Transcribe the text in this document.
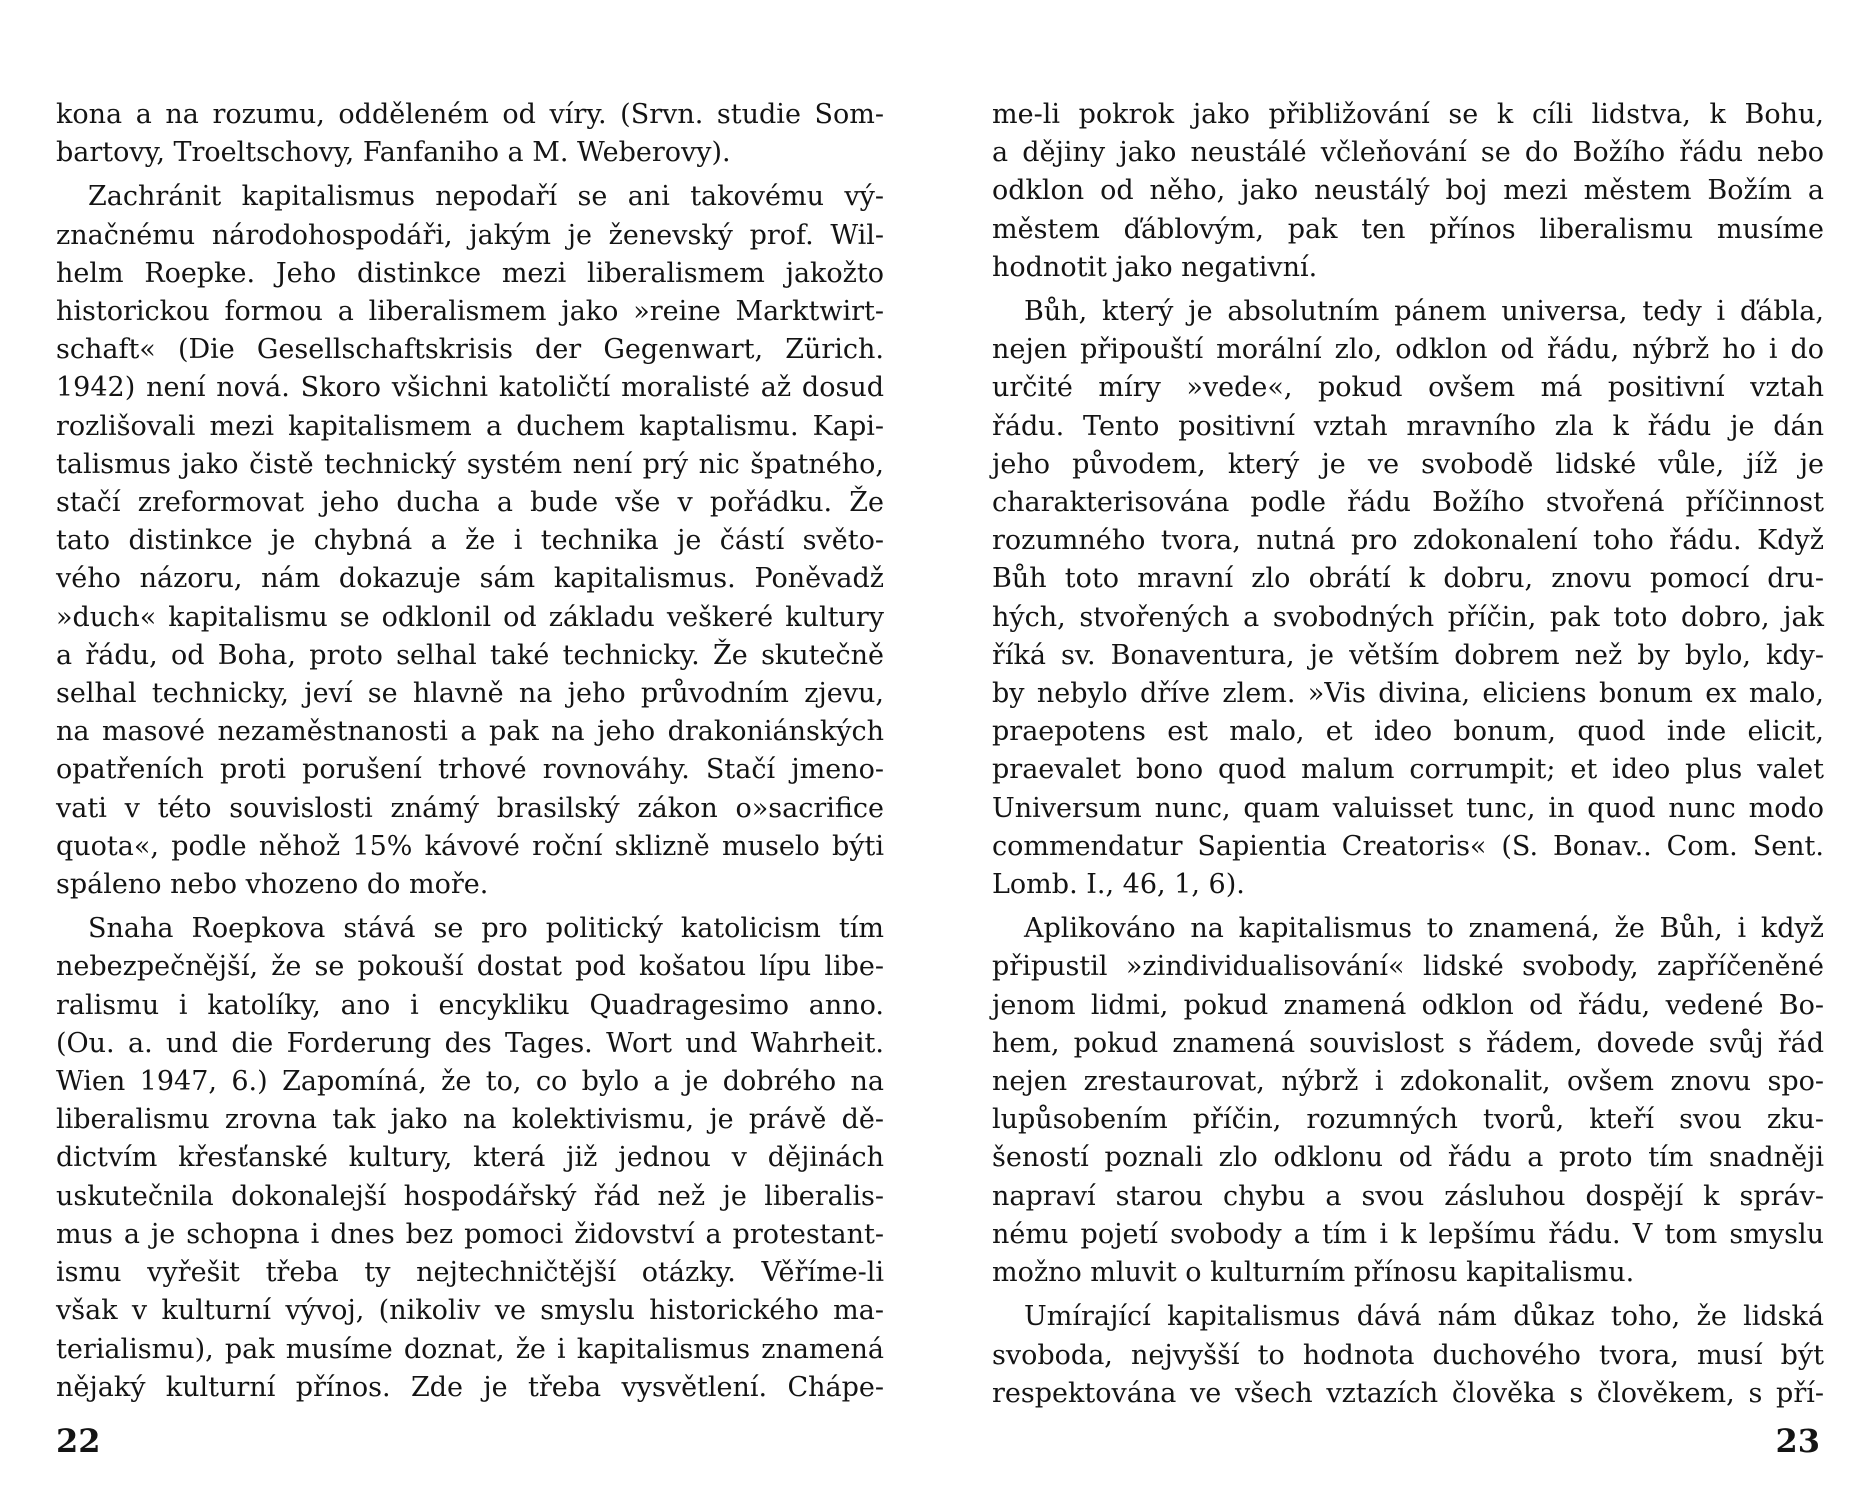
kona a na rozumu, odděleném od víry. (Srvn. studie Som-
bartovy, Troeltschovy, Fanfaniho a M. Weberovy).
Zachránit kapitalismus nepodaří se ani takovému vý-
značnému národohospodáři, jakým je ženevský prof. Wil-
helm Roepke. Jeho distinkce mezi liberalismem jakožto
historickou formou a liberalismem jako »reine Marktwirt-
schaft« (Die Gesellschaftskrisis der Gegenwart, Zürich.
1942) není nová. Skoro všichni katoličtí moralisté až dosud
rozlišovali mezi kapitalismem a duchem kaptalismu. Kapi-
talismus jako čistě technický systém není prý nic špatného,
stačí zreformovat jeho ducha a bude vše v pořádku. Že
tato distinkce je chybná a že i technika je částí světo-
vého názoru, nám dokazuje sám kapitalismus. Poněvadž
»duch« kapitalismu se odklonil od základu veškeré kultury
a řádu, od Boha, proto selhal také technicky. Že skutečně
selhal technicky, jeví se hlavně na jeho průvodním zjevu,
na masové nezaměstnanosti a pak na jeho drakoniánských
opatřeních proti porušení trhové rovnováhy. Stačí jmeno-
vati v této souvislosti známý brasilský zákon o»sacrifice
quota«, podle něhož 15% kávové roční sklizně muselo býti
spáleno nebo vhozeno do moře.
Snaha Roepkova stává se pro politický katolicism tím
nebezpečnější, že se pokouší dostat pod košatou lípu libe-
ralismu i katolíky, ano i encykliku Quadragesimo anno.
(Ou. a. und die Forderung des Tages. Wort und Wahrheit.
Wien 1947, 6.) Zapomíná, že to, co bylo a je dobrého na
liberalismu zrovna tak jako na kolektivismu, je právě dě-
dictvím křesťanské kultury, která již jednou v dějinách
uskutečnila dokonalejší hospodářský řád než je liberalis-
mus a je schopna i dnes bez pomoci židovství a protestant-
ismu vyřešit třeba ty nejtechničtější otázky. Věříme-li
však v kulturní vývoj, (nikoliv ve smyslu historického ma-
terialismu), pak musíme doznat, že i kapitalismus znamená
nějaký kulturní přínos. Zde je třeba vysvětlení. Chápe-
22
me-li pokrok jako přibližování se k cíli lidstva, k Bohu,
a dějiny jako neustálé včleňování se do Božího řádu nebo
odklon od něho, jako neustálý boj mezi městem Božím a
městem ďáblovým, pak ten přínos liberalismu musíme
hodnotit jako negativní.
Bůh, který je absolutním pánem universa, tedy i ďábla,
nejen připouští morální zlo, odklon od řádu, nýbrž ho i do
určité míry »vede«, pokud ovšem má positivní vztah
řádu. Tento positivní vztah mravního zla k řádu je dán
jeho původem, který je ve svobodě lidské vůle, jíž je
charakterisována podle řádu Božího stvořená příčinnost
rozumného tvora, nutná pro zdokonalení toho řádu. Když
Bůh toto mravní zlo obrátí k dobru, znovu pomocí dru-
hých, stvořených a svobodných příčin, pak toto dobro, jak
říká sv. Bonaventura, je větším dobrem než by bylo, kdy-
by nebylo dříve zlem. »Vis divina, eliciens bonum ex malo,
praepotens est malo, et ideo bonum, quod inde elicit,
praevalet bono quod malum corrumpit; et ideo plus valet
Universum nunc, quam valuisset tunc, in quod nunc modo
commendatur Sapientia Creatoris« (S. Bonav.. Com. Sent.
Lomb. I., 46, 1, 6).
Aplikováno na kapitalismus to znamená, že Bůh, i když
připustil »zindividualisování« lidské svobody, zapříčeněné
jenom lidmi, pokud znamená odklon od řádu, vedené Bo-
hem, pokud znamená souvislost s řádem, dovede svůj řád
nejen zrestaurovat, nýbrž i zdokonalit, ovšem znovu spo-
lupůsobením příčin, rozumných tvorů, kteří svou zku-
šeností poznali zlo odklonu od řádu a proto tím snadněji
napraví starou chybu a svou zásluhou dospějí k správ-
nému pojetí svobody a tím i k lepšímu řádu. V tom smyslu
možno mluvit o kulturním přínosu kapitalismu.
Umírající kapitalismus dává nám důkaz toho, že lidská
svoboda, nejvyšší to hodnota duchového tvora, musí být
respektována ve všech vztazích člověka s člověkem, s pří-
23
